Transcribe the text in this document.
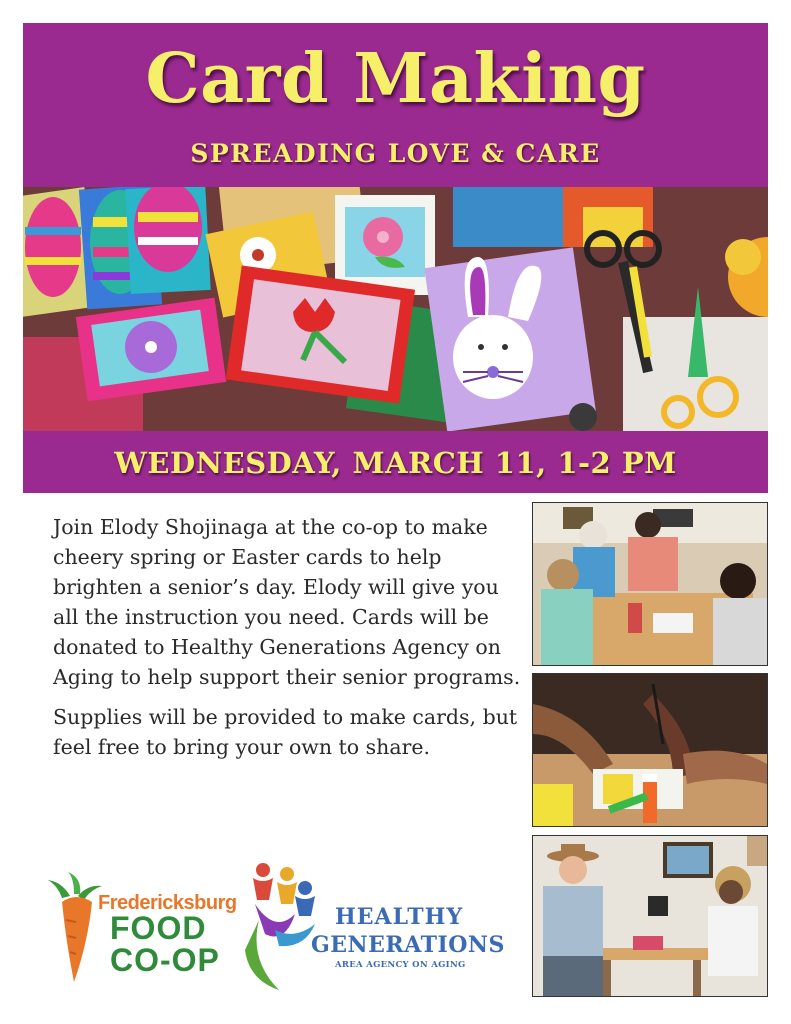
Card Making
SPREADING LOVE & CARE
WEDNESDAY, MARCH 11, 1-2 PM

Join Elody Shojinaga at the co-op to make cheery spring or Easter cards to help brighten a senior’s day. Elody will give you all the instruction you need. Cards will be donated to Healthy Generations Agency on Aging to help support their senior programs.

Supplies will be provided to make cards, but feel free to bring your own to share.

Fredericksburg
FOOD
CO-OP
HEALTHY
GENERATIONS
AREA AGENCY ON AGING
